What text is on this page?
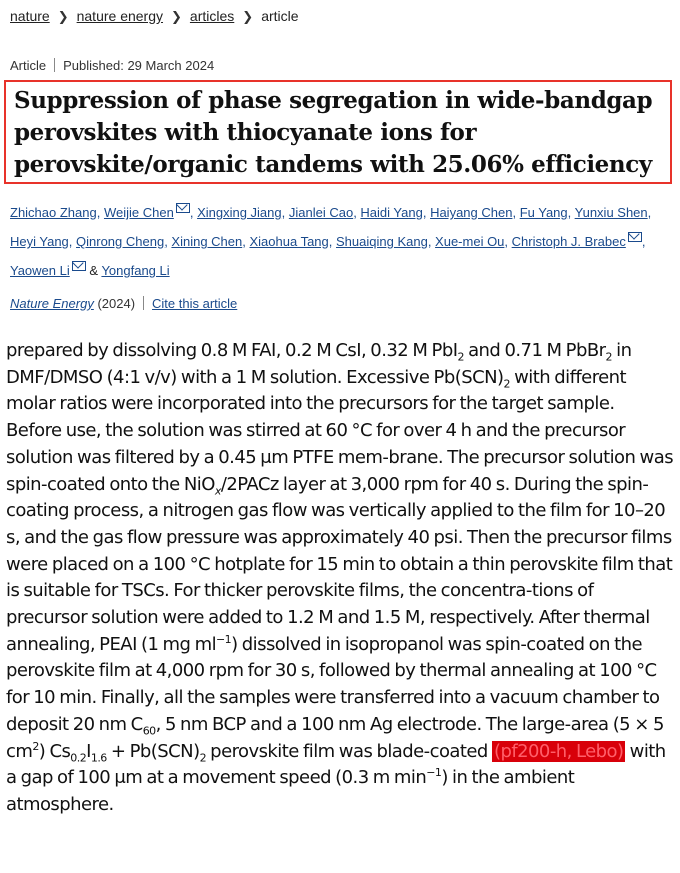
nature ❯ nature energy ❯ articles ❯ article
Article Published: 29 March 2024
Suppression of phase segregation in wide-bandgap perovskites with thiocyanate ions for perovskite/organic tandems with 25.06% efficiency
Zhichao Zhang, Weijie Chen , Xingxing Jiang, Jianlei Cao, Haidi Yang, Haiyang Chen, Fu Yang, Yunxiu Shen, Heyi Yang, Qinrong Cheng, Xining Chen, Xiaohua Tang, Shuaiqing Kang, Xue-mei Ou, Christoph J. Brabec , Yaowen Li & Yongfang Li
Nature Energy (2024) Cite this article

prepared by dissolving 0.8 M FAI, 0.2 M CsI, 0.32 M PbI$_2$ and 0.71 M PbBr$_2$ in DMF/DMSO (4:1 v/v) with a 1 M solution. Excessive $Pb(SCN)_2$ with different molar ratios were incorporated into the precursors for the target sample. Before use, the solution was stirred at 60 °C for over 4 h and the precursor solution was filtered by a 0.45 μm PTFE mem-brane. The precursor solution was spin-coated onto the NiO$_x$/2PACz layer at 3,000 rpm for 40 s. During the spin-coating process, a nitrogen gas flow was vertically applied to the film for 10–20 s, and the gas flow pressure was approximately 40 psi. Then the precursor films were placed on a 100 °C hotplate for 15 min to obtain a thin perovskite film that is suitable for TSCs. For thicker perovskite films, the concentra-tions of precursor solution were added to 1.2 M and 1.5 M, respectively. After thermal annealing, PEAI (1 mg $ml^{-1}$) dissolved in isopropanol was spin-coated on the perovskite film at 4,000 rpm for 30 s, followed by thermal annealing at 100 °C for 10 min. Finally, all the samples were transferred into a vacuum chamber to deposit 20 nm $C_{60}$, 5 nm BCP and a 100 nm Ag electrode. The large-area (5 × 5 $cm^2$) $Cs_{0.2}I_{1.6} + Pb(SCN)_2$ perovskite film was blade-coated (pf200-h, Lebo) with a gap of 100 μm at a movement speed (0.3 m $\min^{-1}$) in the ambient atmosphere.
